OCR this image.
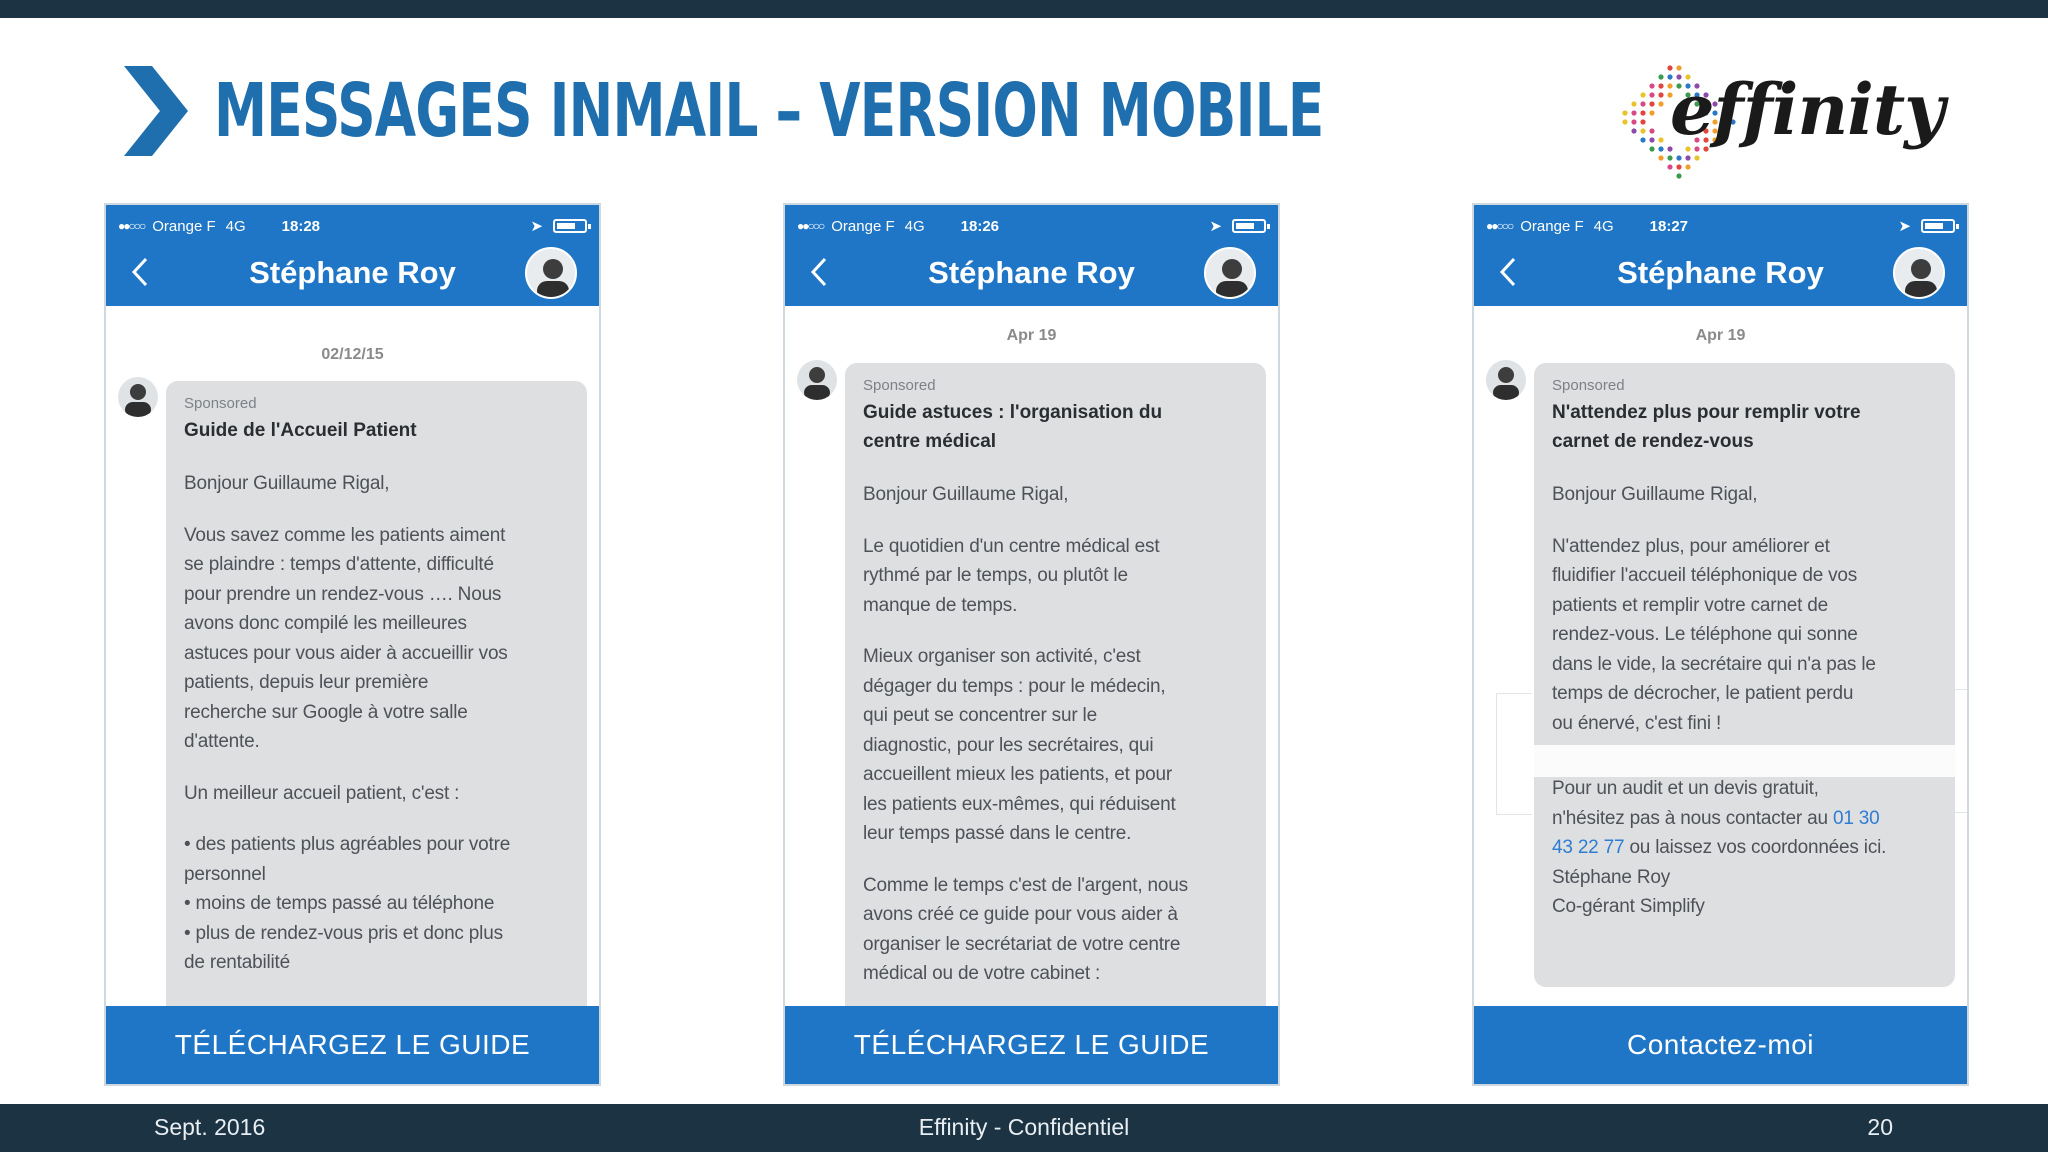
MESSAGES INMAIL – VERSION MOBILE	effinity
●●○○○ Orange F 4G 18:28	➤
Stéphane Roy
02/12/15
Sponsored
Guide de l'Accueil Patient
Bonjour Guillaume Rigal,
Vous savez comme les patients aiment
se plaindre : temps d'attente, difficulté
pour prendre un rendez-vous …. Nous
avons donc compilé les meilleures
astuces pour vous aider à accueillir vos
patients, depuis leur première
recherche sur Google à votre salle
d'attente.
Un meilleur accueil patient, c'est :
• des patients plus agréables pour votre
personnel
• moins de temps passé au téléphone
• plus de rendez-vous pris et donc plus
de rentabilité
TÉLÉCHARGEZ LE GUIDE
●●○○○ Orange F 4G 18:26	➤
Stéphane Roy
Apr 19
Sponsored
Guide astuces : l'organisation du
centre médical
Bonjour Guillaume Rigal,
Le quotidien d'un centre médical est
rythmé par le temps, ou plutôt le
manque de temps.
Mieux organiser son activité, c'est
dégager du temps : pour le médecin,
qui peut se concentrer sur le
diagnostic, pour les secrétaires, qui
accueillent mieux les patients, et pour
les patients eux-mêmes, qui réduisent
leur temps passé dans le centre.
Comme le temps c'est de l'argent, nous
avons créé ce guide pour vous aider à
organiser le secrétariat de votre centre
médical ou de votre cabinet :
TÉLÉCHARGEZ LE GUIDE
●●○○○ Orange F 4G 18:27	➤
Stéphane Roy
Apr 19
Sponsored
N'attendez plus pour remplir votre
carnet de rendez-vous
Bonjour Guillaume Rigal,
N'attendez plus, pour améliorer et
fluidifier l'accueil téléphonique de vos
patients et remplir votre carnet de
rendez-vous. Le téléphone qui sonne
dans le vide, la secrétaire qui n'a pas le
temps de décrocher, le patient perdu
ou énervé, c'est fini !
Pour un audit et un devis gratuit,
n'hésitez pas à nous contacter au 01 30
43 22 77 ou laissez vos coordonnées ici.
Stéphane Roy
Co-gérant Simplify
Contactez-moi
Sept. 2016	Effinity - Confidentiel	20
